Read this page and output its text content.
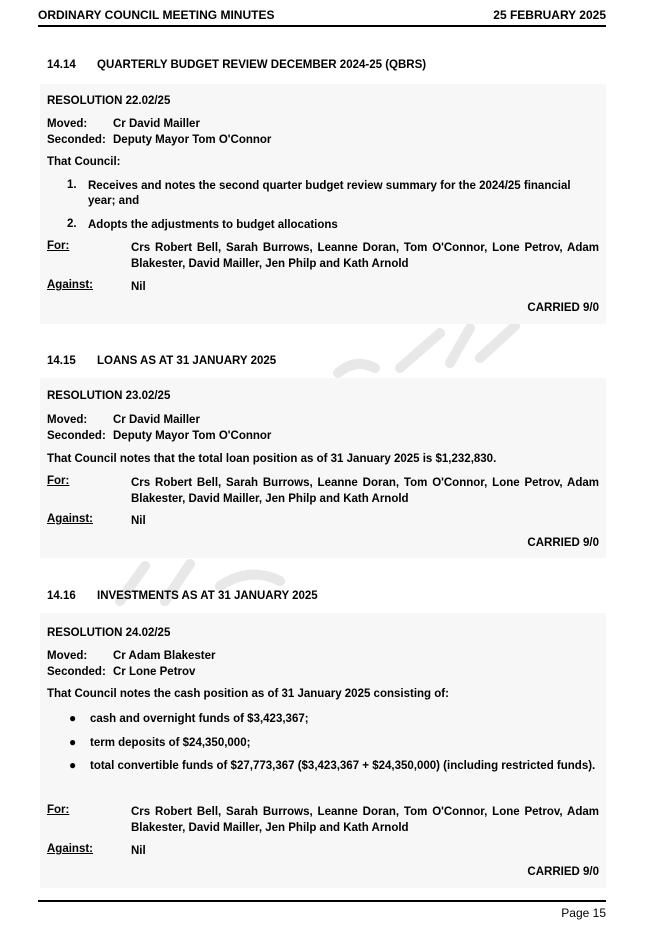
ORDINARY COUNCIL MEETING MINUTES	25 FEBRUARY 2025
14.14 QUARTERLY BUDGET REVIEW DECEMBER 2024-25 (QBRS)
RESOLUTION 22.02/25
Moved: Cr David Mailler
Seconded: Deputy Mayor Tom O'Connor
That Council:
1. Receives and notes the second quarter budget review summary for the 2024/25 financial year; and
2. Adopts the adjustments to budget allocations
For:	Crs Robert Bell, Sarah Burrows, Leanne Doran, Tom O'Connor, Lone Petrov, Adam Blakester, David Mailler, Jen Philp and Kath Arnold
Against:	Nil
CARRIED 9/0
14.15 LOANS AS AT 31 JANUARY 2025
RESOLUTION 23.02/25
Moved: Cr David Mailler
Seconded: Deputy Mayor Tom O'Connor
That Council notes that the total loan position as of 31 January 2025 is $1,232,830.
For:	Crs Robert Bell, Sarah Burrows, Leanne Doran, Tom O'Connor, Lone Petrov, Adam Blakester, David Mailler, Jen Philp and Kath Arnold
Against:	Nil
CARRIED 9/0
14.16 INVESTMENTS AS AT 31 JANUARY 2025
RESOLUTION 24.02/25
Moved: Cr Adam Blakester
Seconded: Cr Lone Petrov
That Council notes the cash position as of 31 January 2025 consisting of:
● cash and overnight funds of $3,423,367;
● term deposits of $24,350,000;
● total convertible funds of $27,773,367 ($3,423,367 + $24,350,000) (including restricted funds).
For:	Crs Robert Bell, Sarah Burrows, Leanne Doran, Tom O'Connor, Lone Petrov, Adam Blakester, David Mailler, Jen Philp and Kath Arnold
Against:	Nil
CARRIED 9/0
Page 15
